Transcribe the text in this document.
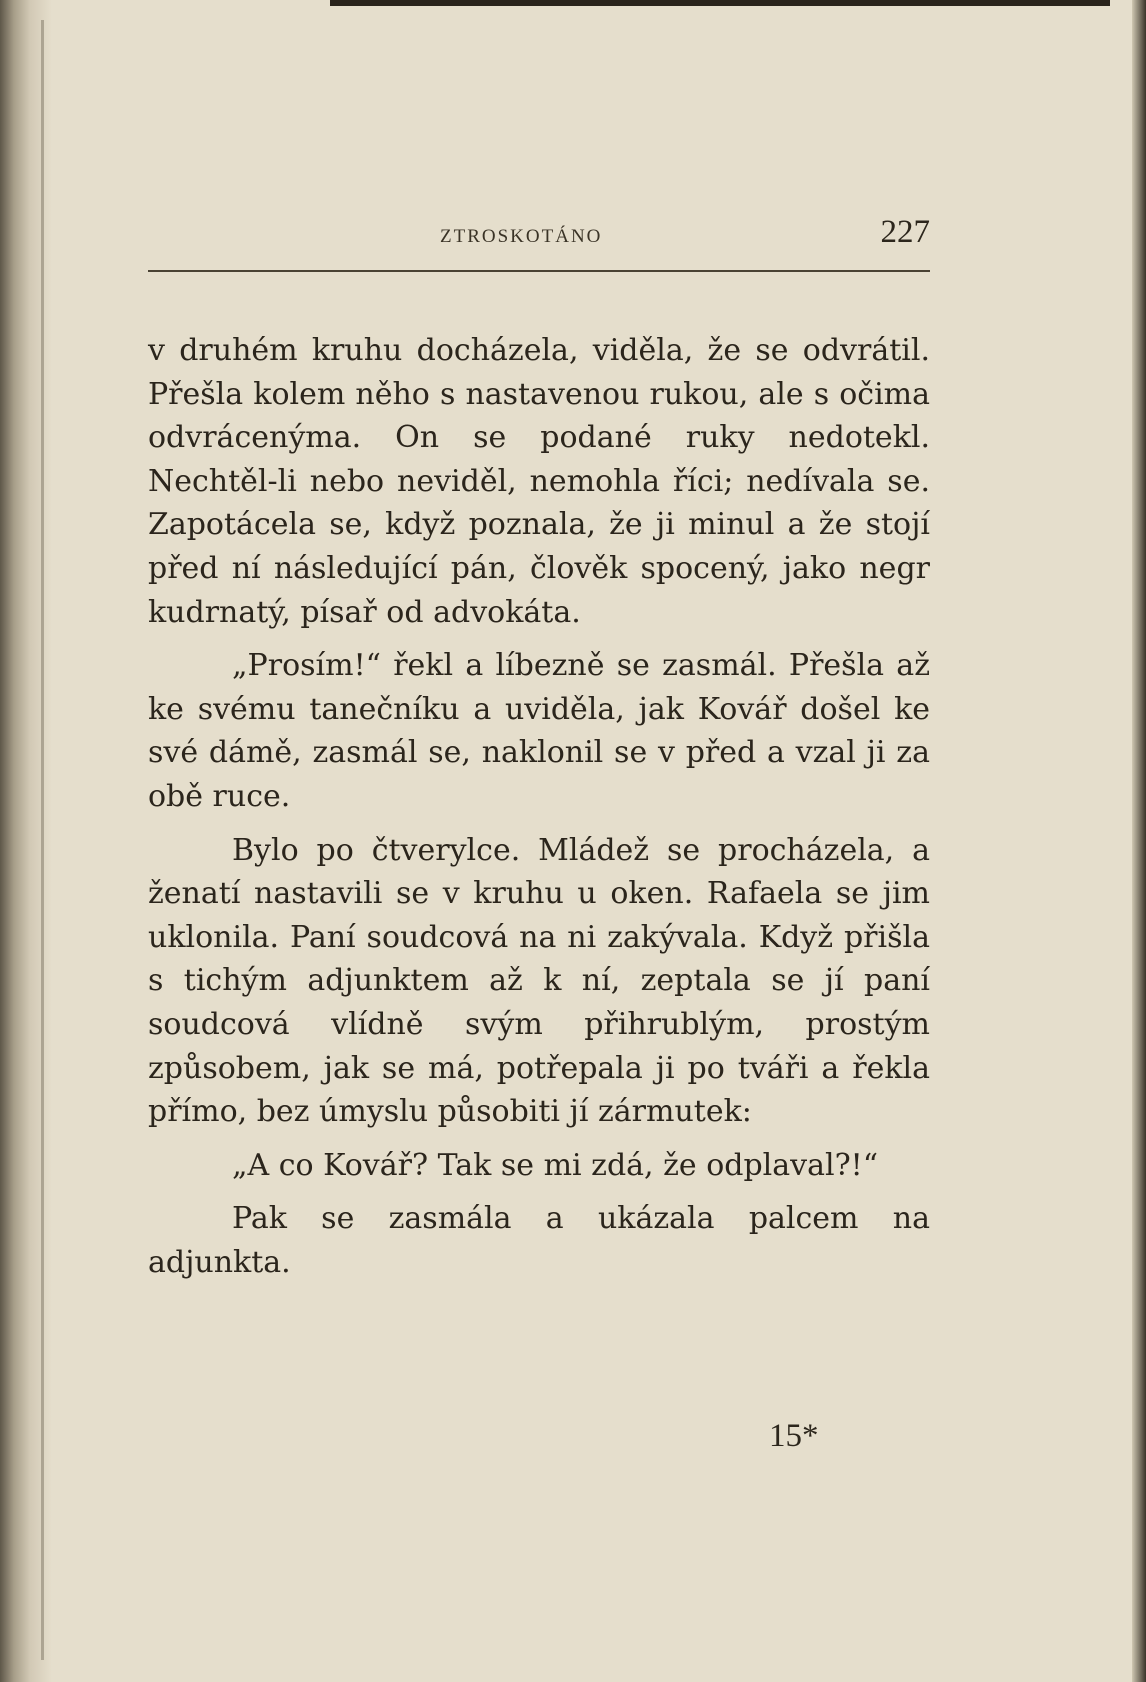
ZTROSKOTÁNO	227

v druhém kruhu docházela, viděla, že se odvrátil. Přešla kolem něho s nastavenou rukou, ale s očima odvrácenýma. On se podané ruky nedotekl. Nechtěl-li nebo neviděl, nemohla říci; nedívala se. Zapotácela se, když poznala, že ji minul a že stojí před ní následující pán, člověk spocený, jako negr kudrnatý, písař od advokáta.

„Prosím!“ řekl a líbezně se zasmál. Přešla až ke svému tanečníku a uviděla, jak Kovář došel ke své dámě, zasmál se, naklonil se v před a vzal ji za obě ruce.

Bylo po čtverylce. Mládež se procházela, a ženatí nastavili se v kruhu u oken. Rafaela se jim uklonila. Paní soudcová na ni zakývala. Když přišla s tichým adjunktem až k ní, zeptala se jí paní soudcová vlídně svým přihrublým, prostým způsobem, jak se má, potřepala ji po tváři a řekla přímo, bez úmyslu působiti jí zármutek:

„A co Kovář? Tak se mi zdá, že odplaval?!“

Pak se zasmála a ukázala palcem na adjunkta.

15*
